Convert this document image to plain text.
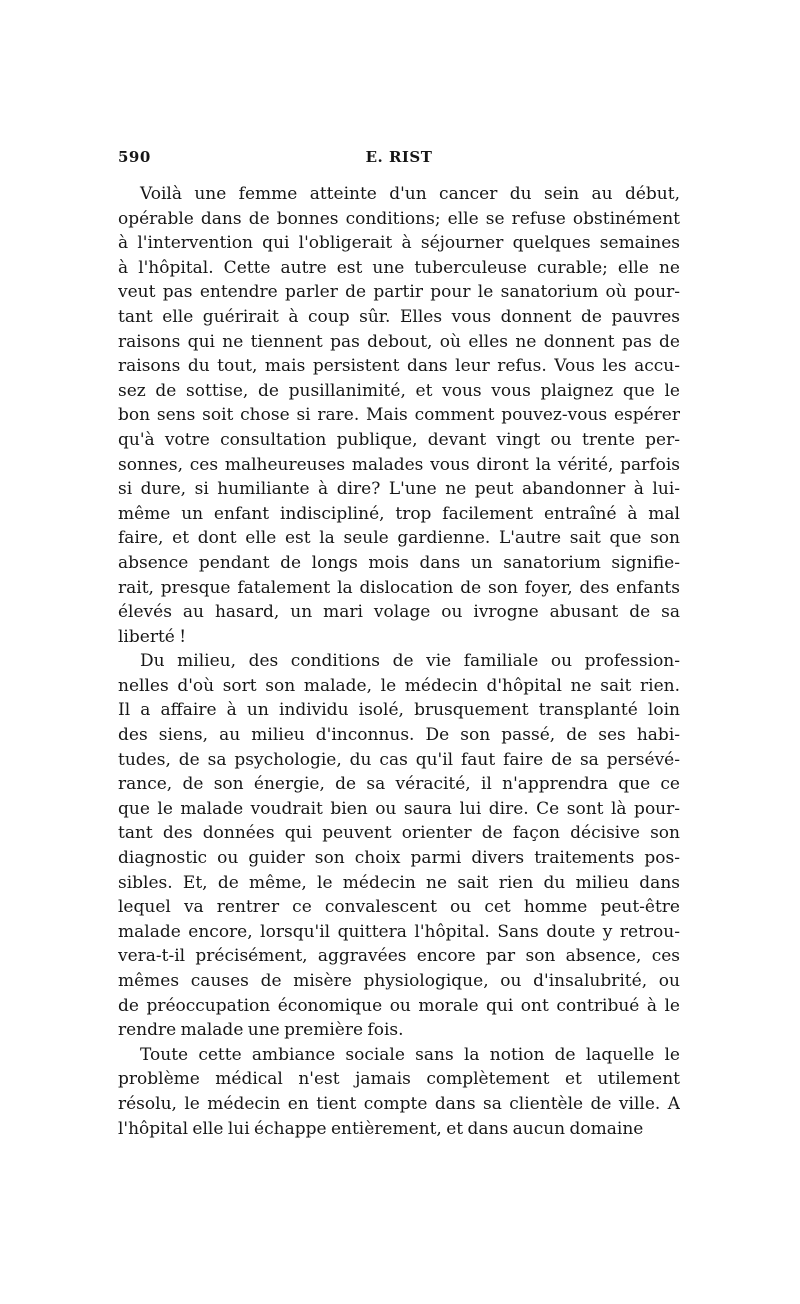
590	E. RIST
Voilà une femme atteinte d'un cancer du sein au début,
opérable dans de bonnes conditions; elle se refuse obstinément
à l'intervention qui l'obligerait à séjourner quelques semaines
à l'hôpital. Cette autre est une tuberculeuse curable; elle ne
veut pas entendre parler de partir pour le sanatorium où pour-
tant elle guérirait à coup sûr. Elles vous donnent de pauvres
raisons qui ne tiennent pas debout, où elles ne donnent pas de
raisons du tout, mais persistent dans leur refus. Vous les accu-
sez de sottise, de pusillanimité, et vous vous plaignez que le
bon sens soit chose si rare. Mais comment pouvez-vous espérer
qu'à votre consultation publique, devant vingt ou trente per-
sonnes, ces malheureuses malades vous diront la vérité, parfois
si dure, si humiliante à dire? L'une ne peut abandonner à lui-
même un enfant indiscipliné, trop facilement entraîné à mal
faire, et dont elle est la seule gardienne. L'autre sait que son
absence pendant de longs mois dans un sanatorium signifie-
rait, presque fatalement la dislocation de son foyer, des enfants
élevés au hasard, un mari volage ou ivrogne abusant de sa
liberté !
Du milieu, des conditions de vie familiale ou profession-
nelles d'où sort son malade, le médecin d'hôpital ne sait rien.
Il a affaire à un individu isolé, brusquement transplanté loin
des siens, au milieu d'inconnus. De son passé, de ses habi-
tudes, de sa psychologie, du cas qu'il faut faire de sa persévé-
rance, de son énergie, de sa véracité, il n'apprendra que ce
que le malade voudrait bien ou saura lui dire. Ce sont là pour-
tant des données qui peuvent orienter de façon décisive son
diagnostic ou guider son choix parmi divers traitements pos-
sibles. Et, de même, le médecin ne sait rien du milieu dans
lequel va rentrer ce convalescent ou cet homme peut-être
malade encore, lorsqu'il quittera l'hôpital. Sans doute y retrou-
vera-t-il précisément, aggravées encore par son absence, ces
mêmes causes de misère physiologique, ou d'insalubrité, ou
de préoccupation économique ou morale qui ont contribué à le
rendre malade une première fois.
Toute cette ambiance sociale sans la notion de laquelle le
problème médical n'est jamais complètement et utilement
résolu, le médecin en tient compte dans sa clientèle de ville. A
l'hôpital elle lui échappe entièrement, et dans aucun domaine
